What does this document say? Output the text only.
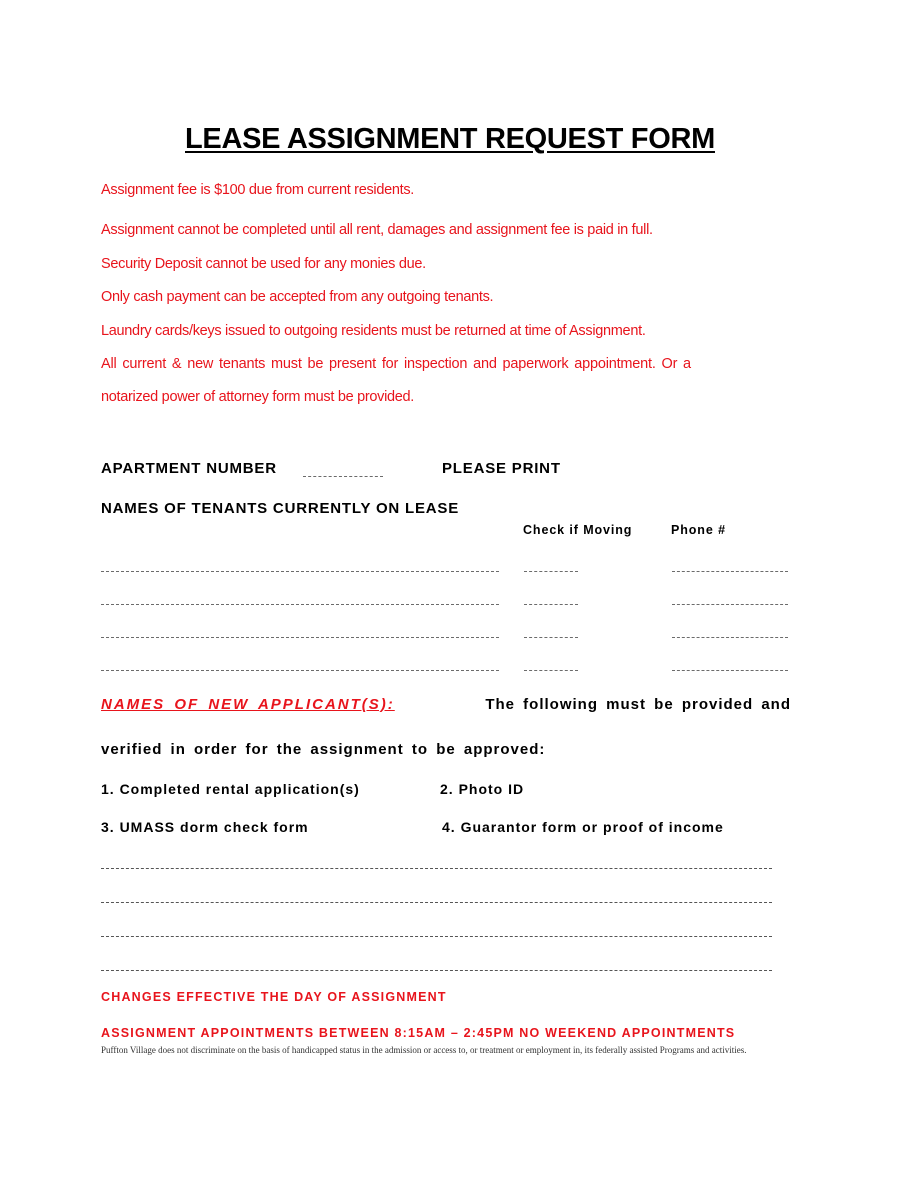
LEASE ASSIGNMENT REQUEST FORM
Assignment fee is $100 due from current residents.
Assignment cannot be completed until all rent, damages and assignment fee is paid in full.
Security Deposit cannot be used for any monies due.
Only cash payment can be accepted from any outgoing tenants.
Laundry cards/keys issued to outgoing residents must be returned at time of Assignment.
All current & new tenants must be present for inspection and paperwork appointment. Or a
notarized power of attorney form must be provided.
APARTMENT NUMBER	PLEASE PRINT
NAMES OF TENANTS CURRENTLY ON LEASE
Check if Moving	Phone #
NAMES OF NEW APPLICANT(S):	The following must be provided and
verified in order for the assignment to be approved:
1. Completed rental application(s)	2. Photo ID
3. UMASS dorm check form	4. Guarantor form or proof of income
CHANGES EFFECTIVE THE DAY OF ASSIGNMENT
ASSIGNMENT APPOINTMENTS BETWEEN 8:15AM – 2:45PM NO WEEKEND APPOINTMENTS
Puffton Village does not discriminate on the basis of handicapped status in the admission or access to, or treatment or employment in, its federally assisted Programs and activities.
